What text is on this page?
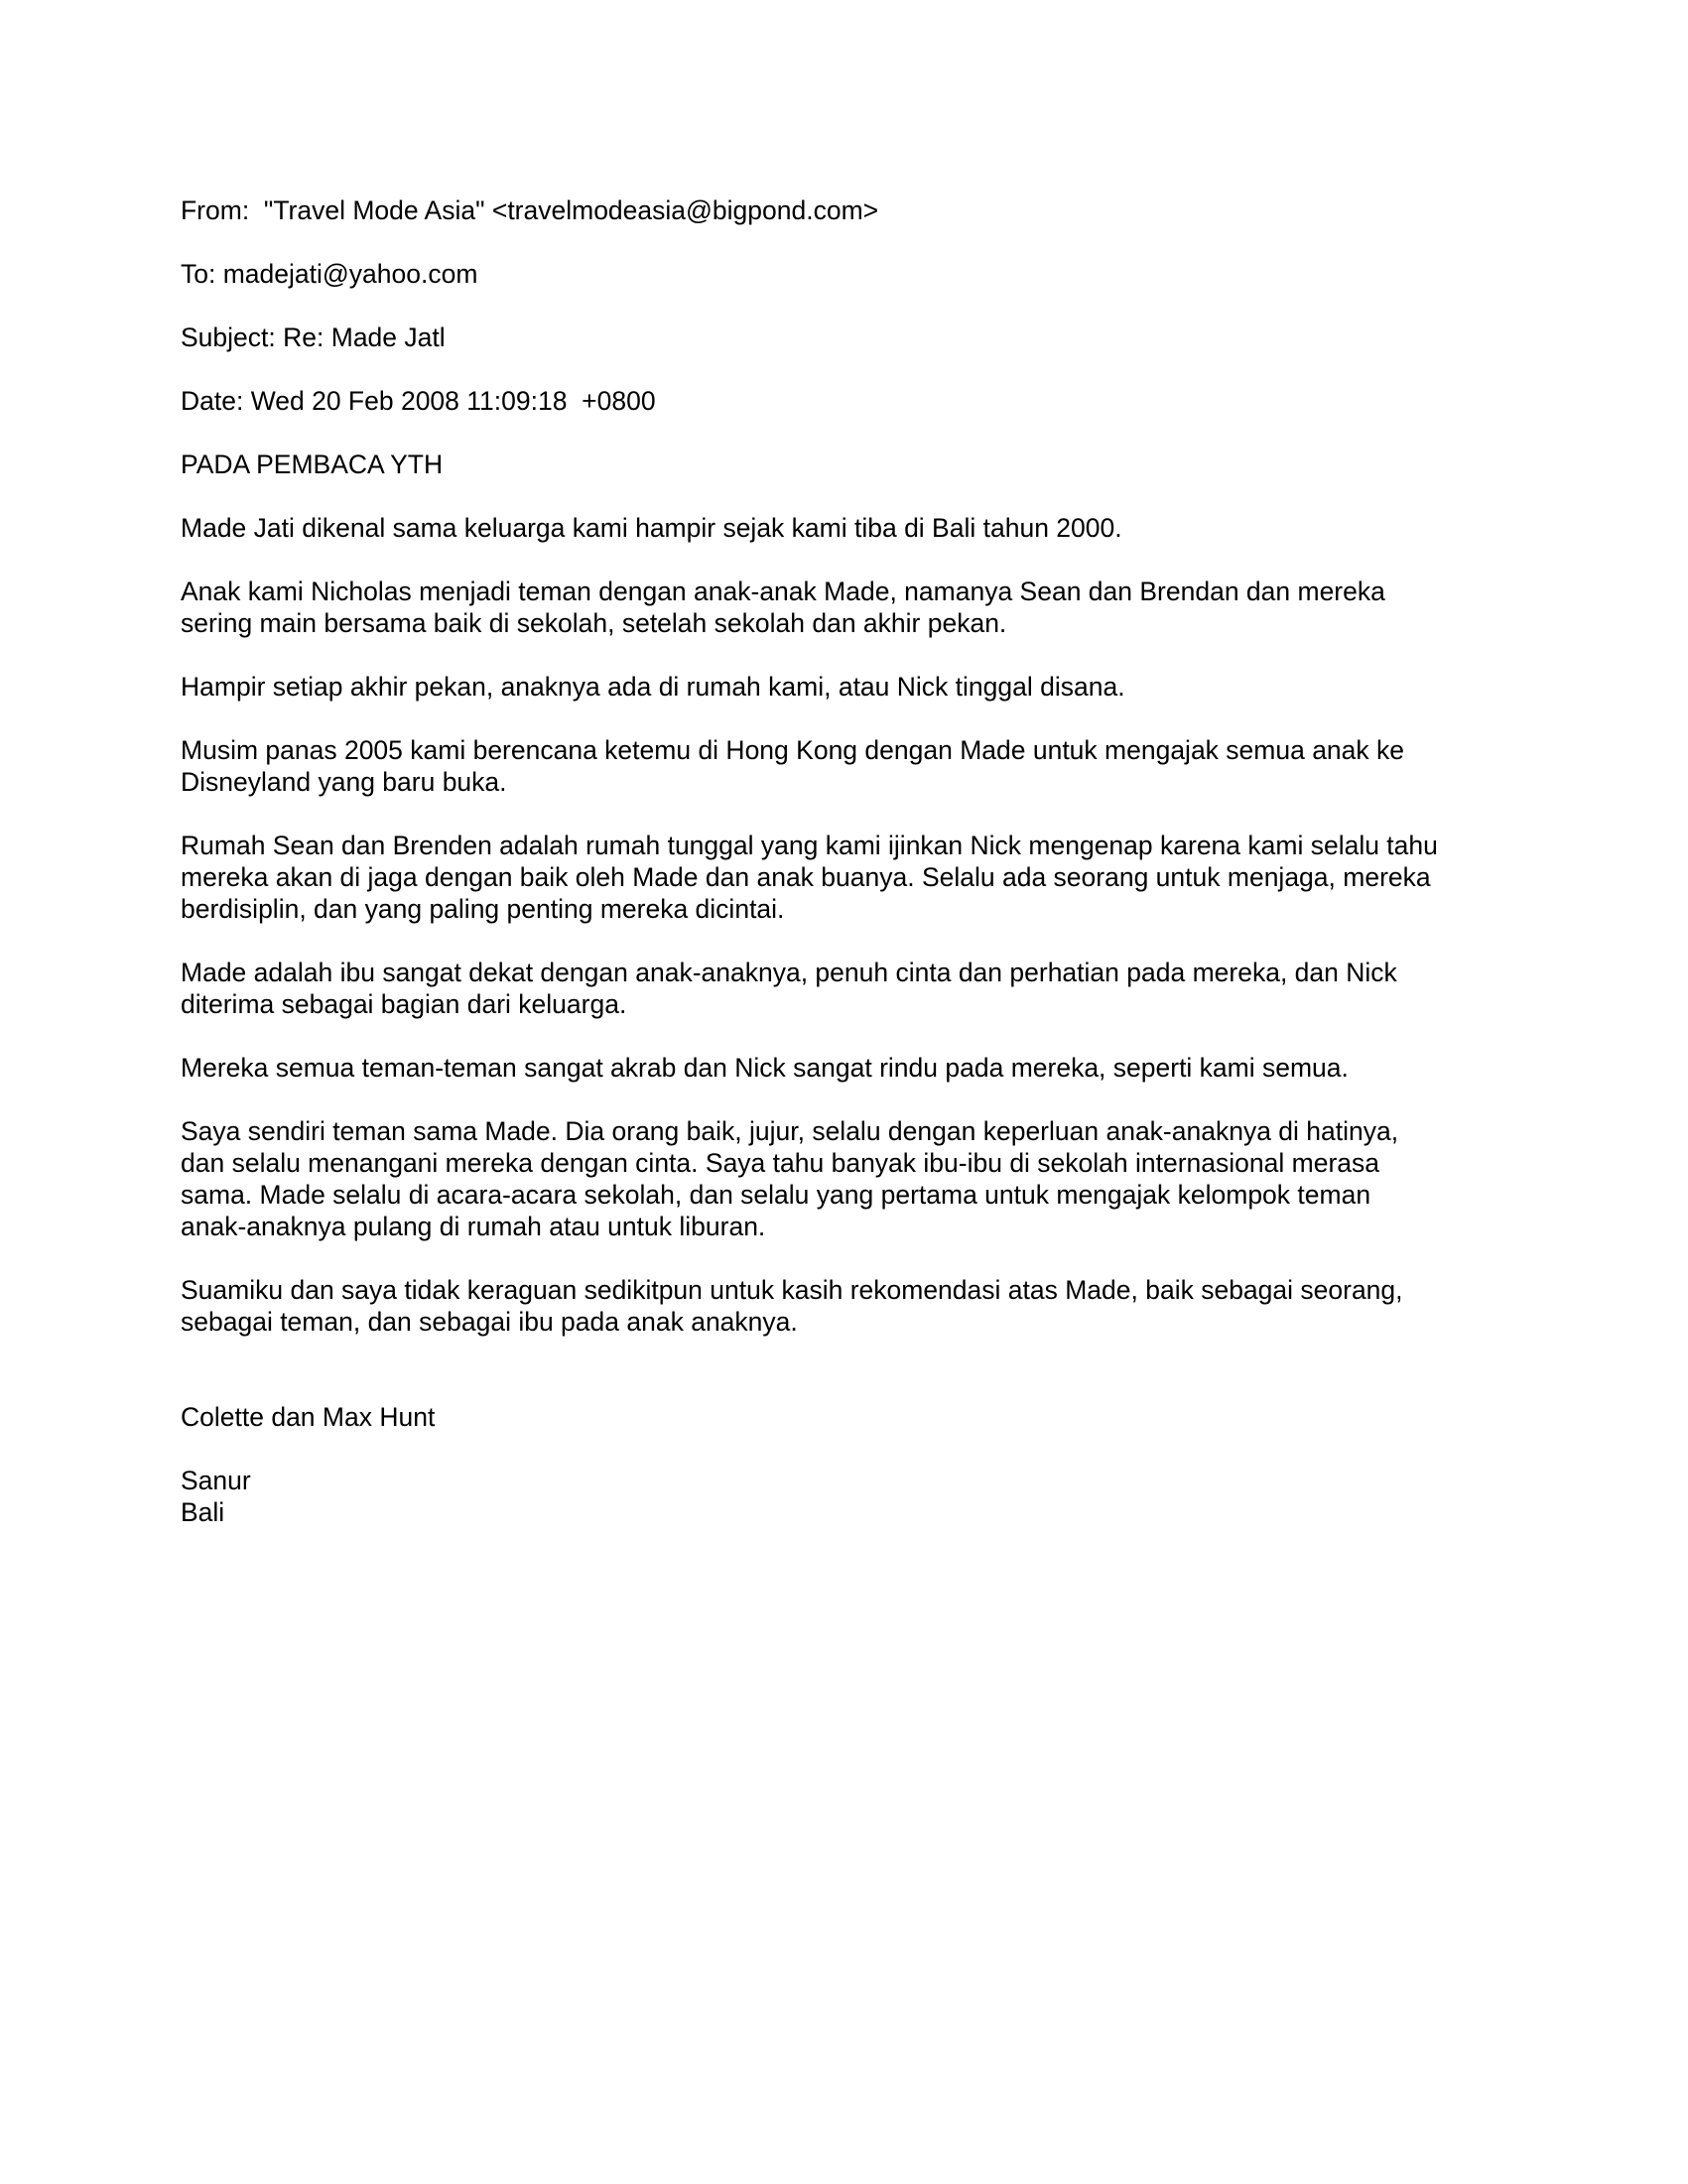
From: "Travel Mode Asia" <travelmodeasia@bigpond.com>
To: madejati@yahoo.com
Subject: Re: Made Jatl
Date: Wed 20 Feb 2008 11:09:18  +0800
PADA PEMBACA YTH
Made Jati dikenal sama keluarga kami hampir sejak kami tiba di Bali tahun 2000.
Anak kami Nicholas menjadi teman dengan anak-anak Made, namanya Sean dan Brendan dan mereka
sering main bersama baik di sekolah, setelah sekolah dan akhir pekan.
Hampir setiap akhir pekan, anaknya ada di rumah kami, atau Nick tinggal disana.
Musim panas 2005 kami berencana ketemu di Hong Kong dengan Made untuk mengajak semua anak ke
Disneyland yang baru buka.
Rumah Sean dan Brenden adalah rumah tunggal yang kami ijinkan Nick mengenap karena kami selalu tahu
mereka akan di jaga dengan baik oleh Made dan anak buanya. Selalu ada seorang untuk menjaga, mereka
berdisiplin, dan yang paling penting mereka dicintai.
Made adalah ibu sangat dekat dengan anak-anaknya, penuh cinta dan perhatian pada mereka, dan Nick
diterima sebagai bagian dari keluarga.
Mereka semua teman-teman sangat akrab dan Nick sangat rindu pada mereka, seperti kami semua.
Saya sendiri teman sama Made. Dia orang baik, jujur, selalu dengan keperluan anak-anaknya di hatinya,
dan selalu menangani mereka dengan cinta. Saya tahu banyak ibu-ibu di sekolah internasional merasa
sama. Made selalu di acara-acara sekolah, dan selalu yang pertama untuk mengajak kelompok teman
anak-anaknya pulang di rumah atau untuk liburan.
Suamiku dan saya tidak keraguan sedikitpun untuk kasih rekomendasi atas Made, baik sebagai seorang,
sebagai teman, dan sebagai ibu pada anak anaknya.
Colette dan Max Hunt
Sanur
Bali
